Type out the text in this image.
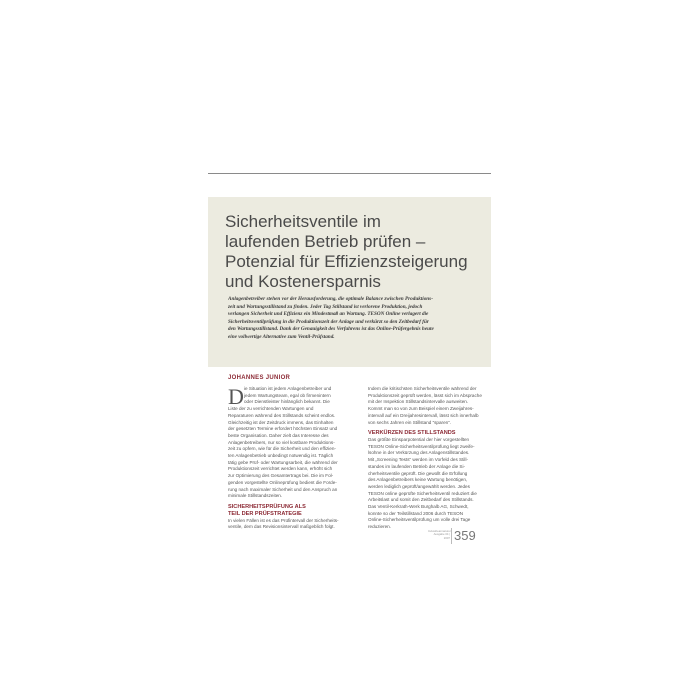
Sicherheitsventile im
laufenden Betrieb prüfen –
Potenzial für Effizienzsteigerung
und Kostenersparnis
Anlagenbetreiber stehen vor der Herausforderung, die optimale Balance zwischen Produktions-
zeit und Wartungsstillstand zu finden. Jeder Tag Stillstand ist verlorene Produktion, jedoch
verlangen Sicherheit und Effizienz ein Mindestmaß an Wartung. TESON Online verlagert die
Sicherheitsventilprüfung in die Produktionszeit der Anlage und verkürzt so den Zeitbedarf für
den Wartungsstillstand. Dank der Genauigkeit des Verfahrens ist das Online-Prüfergebnis heute
eine vollwertige Alternative zum Ventil-Prüfstand.
JOHANNES JUNIOR
D ie Situation ist jedem Anlagenbetreiber und
jedem Wartungsteam, egal ob firmenintern
oder Dienstleister hinlänglich bekannt. Die
Liste der zu verrichtenden Wartungen und
Reparaturen während des Stillstands scheint endlos.
Gleichzeitig ist der Zeitdruck immens, das Einhalten
der gesetzten Termine erfordert höchsten Einsatz und
beste Organisation. Daher zielt das Interesse des
Anlagenbetreibers, nur so viel kostbare Produktions-
zeit zu opfern, wie für die Sicherheit und den effizien-
ten Anlagenbetrieb unbedingt notwendig ist. Täglich
tätig gebe Prüf- oder Wartungsarbeit, die während der
Produktionszeit verrichtet werden kann, erhöht sich
zur Optimierung des Gesamtertrags bei. Die im Fol-
genden vorgestellte Onlineprüfung bedient die Forde-
rung nach maximaler Sicherheit und den Anspruch an
minimale Stillstandszeiten.
SICHERHEITSPRÜFUNG ALS TEIL DER PRÜFSTRATEGIE
In vielen Fällen ist es das Prüfintervall der Sicherheits-
ventile, dem das Revisionsintervall maßgeblich folgt.
Indem die kritischsten Sicherheitsventile während der
Produktionszeit geprüft werden, lässt sich im Absprache
mit der Inspektion Stillstandsintervalle ausweiten.
Kommt man so von zum Beispiel einem Zweijahres-
intervall auf ein Dreijahresintervall, lässt sich innerhalb
von sechs Jahren ein Stillstand “sparen”.
VERKÜRZEN DES STILLSTANDS
Das größte Einsparpotential der hier vorgestellten
TESON Online-Sicherheitsventilprüfung liegt zweife-
lsohne in der Verkürzung des Anlagenstillstandes.
Mit „Screening Tests“ werden im Vorfeld des Still-
standes im laufenden Betrieb der Anlage die Si-
cherheitsventile geprüft. Die gewollt die Erfüllung
des Anlagenbetreibers keine Wartung benötigen,
werden lediglich geprüft/angewählt werden. Jedes
TESON online geprüfte Sicherheitsventil reduziert die
Arbeitslast und somit den Zeitbedarf des Stillstands.
Das Ventil-Kerkrath-Werk Burghalb AG, Schwedt,
konnte so der Teilstillstand 2006 durch TESON
Online-Sicherheitsventilprüfung um volle drei Tage
reduzieren.
Industriearmaturen
Ausgabe 04 | 2007 359
